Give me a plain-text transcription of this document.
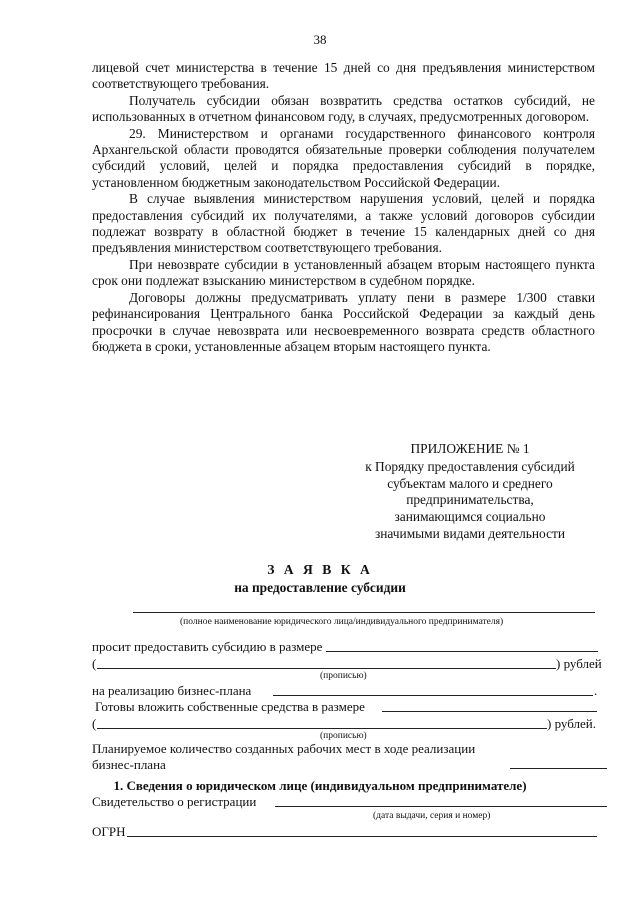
38

лицевой счет министерства в течение 15 дней со дня предъявления министерством соответствующего требования.

Получатель субсидии обязан возвратить средства остатков субсидий, не использованных в отчетном финансовом году, в случаях, предусмотренных договором.

29. Министерством и органами государственного финансового контроля Архангельской области проводятся обязательные проверки соблюдения получателем субсидий условий, целей и порядка предоставления субсидий в порядке, установленном бюджетным законодательством Российской Федерации.

В случае выявления министерством нарушения условий, целей и порядка предоставления субсидий их получателями, а также условий договоров субсидии подлежат возврату в областной бюджет в течение 15 календарных дней со дня предъявления министерством соответствующего требования.

При невозврате субсидии в установленный абзацем вторым настоящего пункта срок они подлежат взысканию министерством в судебном порядке.

Договоры должны предусматривать уплату пени в размере 1/300 ставки рефинансирования Центрального банка Российской Федерации за каждый день просрочки в случае невозврата или несвоевременного возврата средств областного бюджета в сроки, установленные абзацем вторым настоящего пункта.

ПРИЛОЖЕНИЕ № 1
к Порядку предоставления субсидий
субъектам малого и среднего
предпринимательства,
занимающимся социально
значимыми видами деятельности
З А Я В К А
на предоставление субсидии
(полное наименование юридического лица/индивидуального предпринимателя)
просит предоставить субсидию в размере
(	) рублей
(прописью)
на реализацию бизнес-плана	.
Готовы вложить собственные средства в размере
(	) рублей.
(прописью)
Планируемое количество созданных рабочих мест в ходе реализации
бизнес-плана
1. Сведения о юридическом лице (индивидуальном предпринимателе)
Свидетельство о регистрации
(дата выдачи, серия и номер)
ОГРН
